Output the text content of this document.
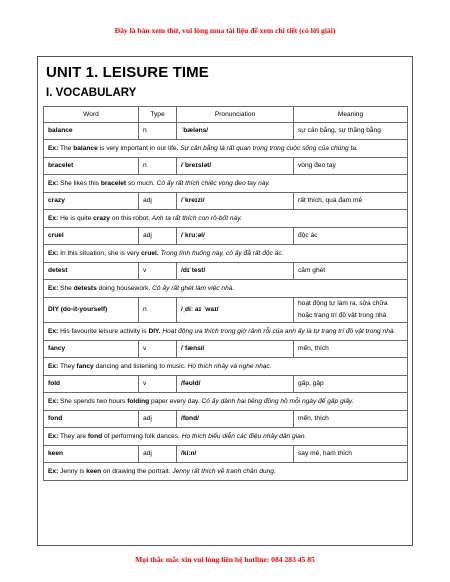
Đây là bản xem thử, vui lòng mua tài liệu để xem chi tiết (có lời giải)
UNIT 1. LEISURE TIME
I. VOCABULARY
Word	Type	Pronunciation	Meaning
balance	n	ˈbæləns/	sự cân bằng, sự thăng bằng
Ex: The balance is very important in our life. Sự cân bằng là rất quan trọng trong cuộc sống của chúng ta.			
bracelet	n	/ˈbreɪslət/	vòng đeo tay
Ex: She likes this bracelet so much. Cô ấy rất thích chiếc vòng đeo tay này.			
crazy	adj	/ˈkreɪzi/	rất thích, quá đam mê
Ex: He is quite crazy on this robot. Anh ta rất thích con rô-bốt này.			
cruel	adj	/ˈkruːəl/	độc ác
Ex: In this situation, she is very cruel. Trong tình huống này, cô ấy đã rất độc ác.			
detest	v	/dɪˈtest/	căm ghét
Ex: She detests doing housework. Cô ấy rất ghét làm việc nhà.			
DIY (do-it-yourself)	n	/ˌdiː aɪ ˈwaɪ/	hoạt động tự làm ra, sửa chữa hoặc trang trí đồ vật trong nhà
Ex: His favourite leisure activity is DIY. Hoạt động ưa thích trong giờ rảnh rỗi của anh ấy là tự trang trí đồ vật trong nhà.			
fancy	v	/ˈfænsi/	mến, thích
Ex: They fancy dancing and listening to music. Họ thích nhảy và nghe nhạc.			
fold	v	/fəʊld/	gấp, gập
Ex: She spends two hours folding paper every day. Cô ấy dành hai tiếng đồng hồ mỗi ngày để gấp giấy.			
fond	adj	/fɒnd/	mến, thích
Ex: They are fond of performing folk dances. Họ thích biểu diễn các điệu nhảy dân gian.			
keen	adj	/kiːn/	say mê, ham thích
Ex: Jenny is keen on drawing the portrait. Jenny rất thích vẽ tranh chân dung.			
Mọi thắc mắc xin vui lòng liên hệ hotline: 084 283 45 85
